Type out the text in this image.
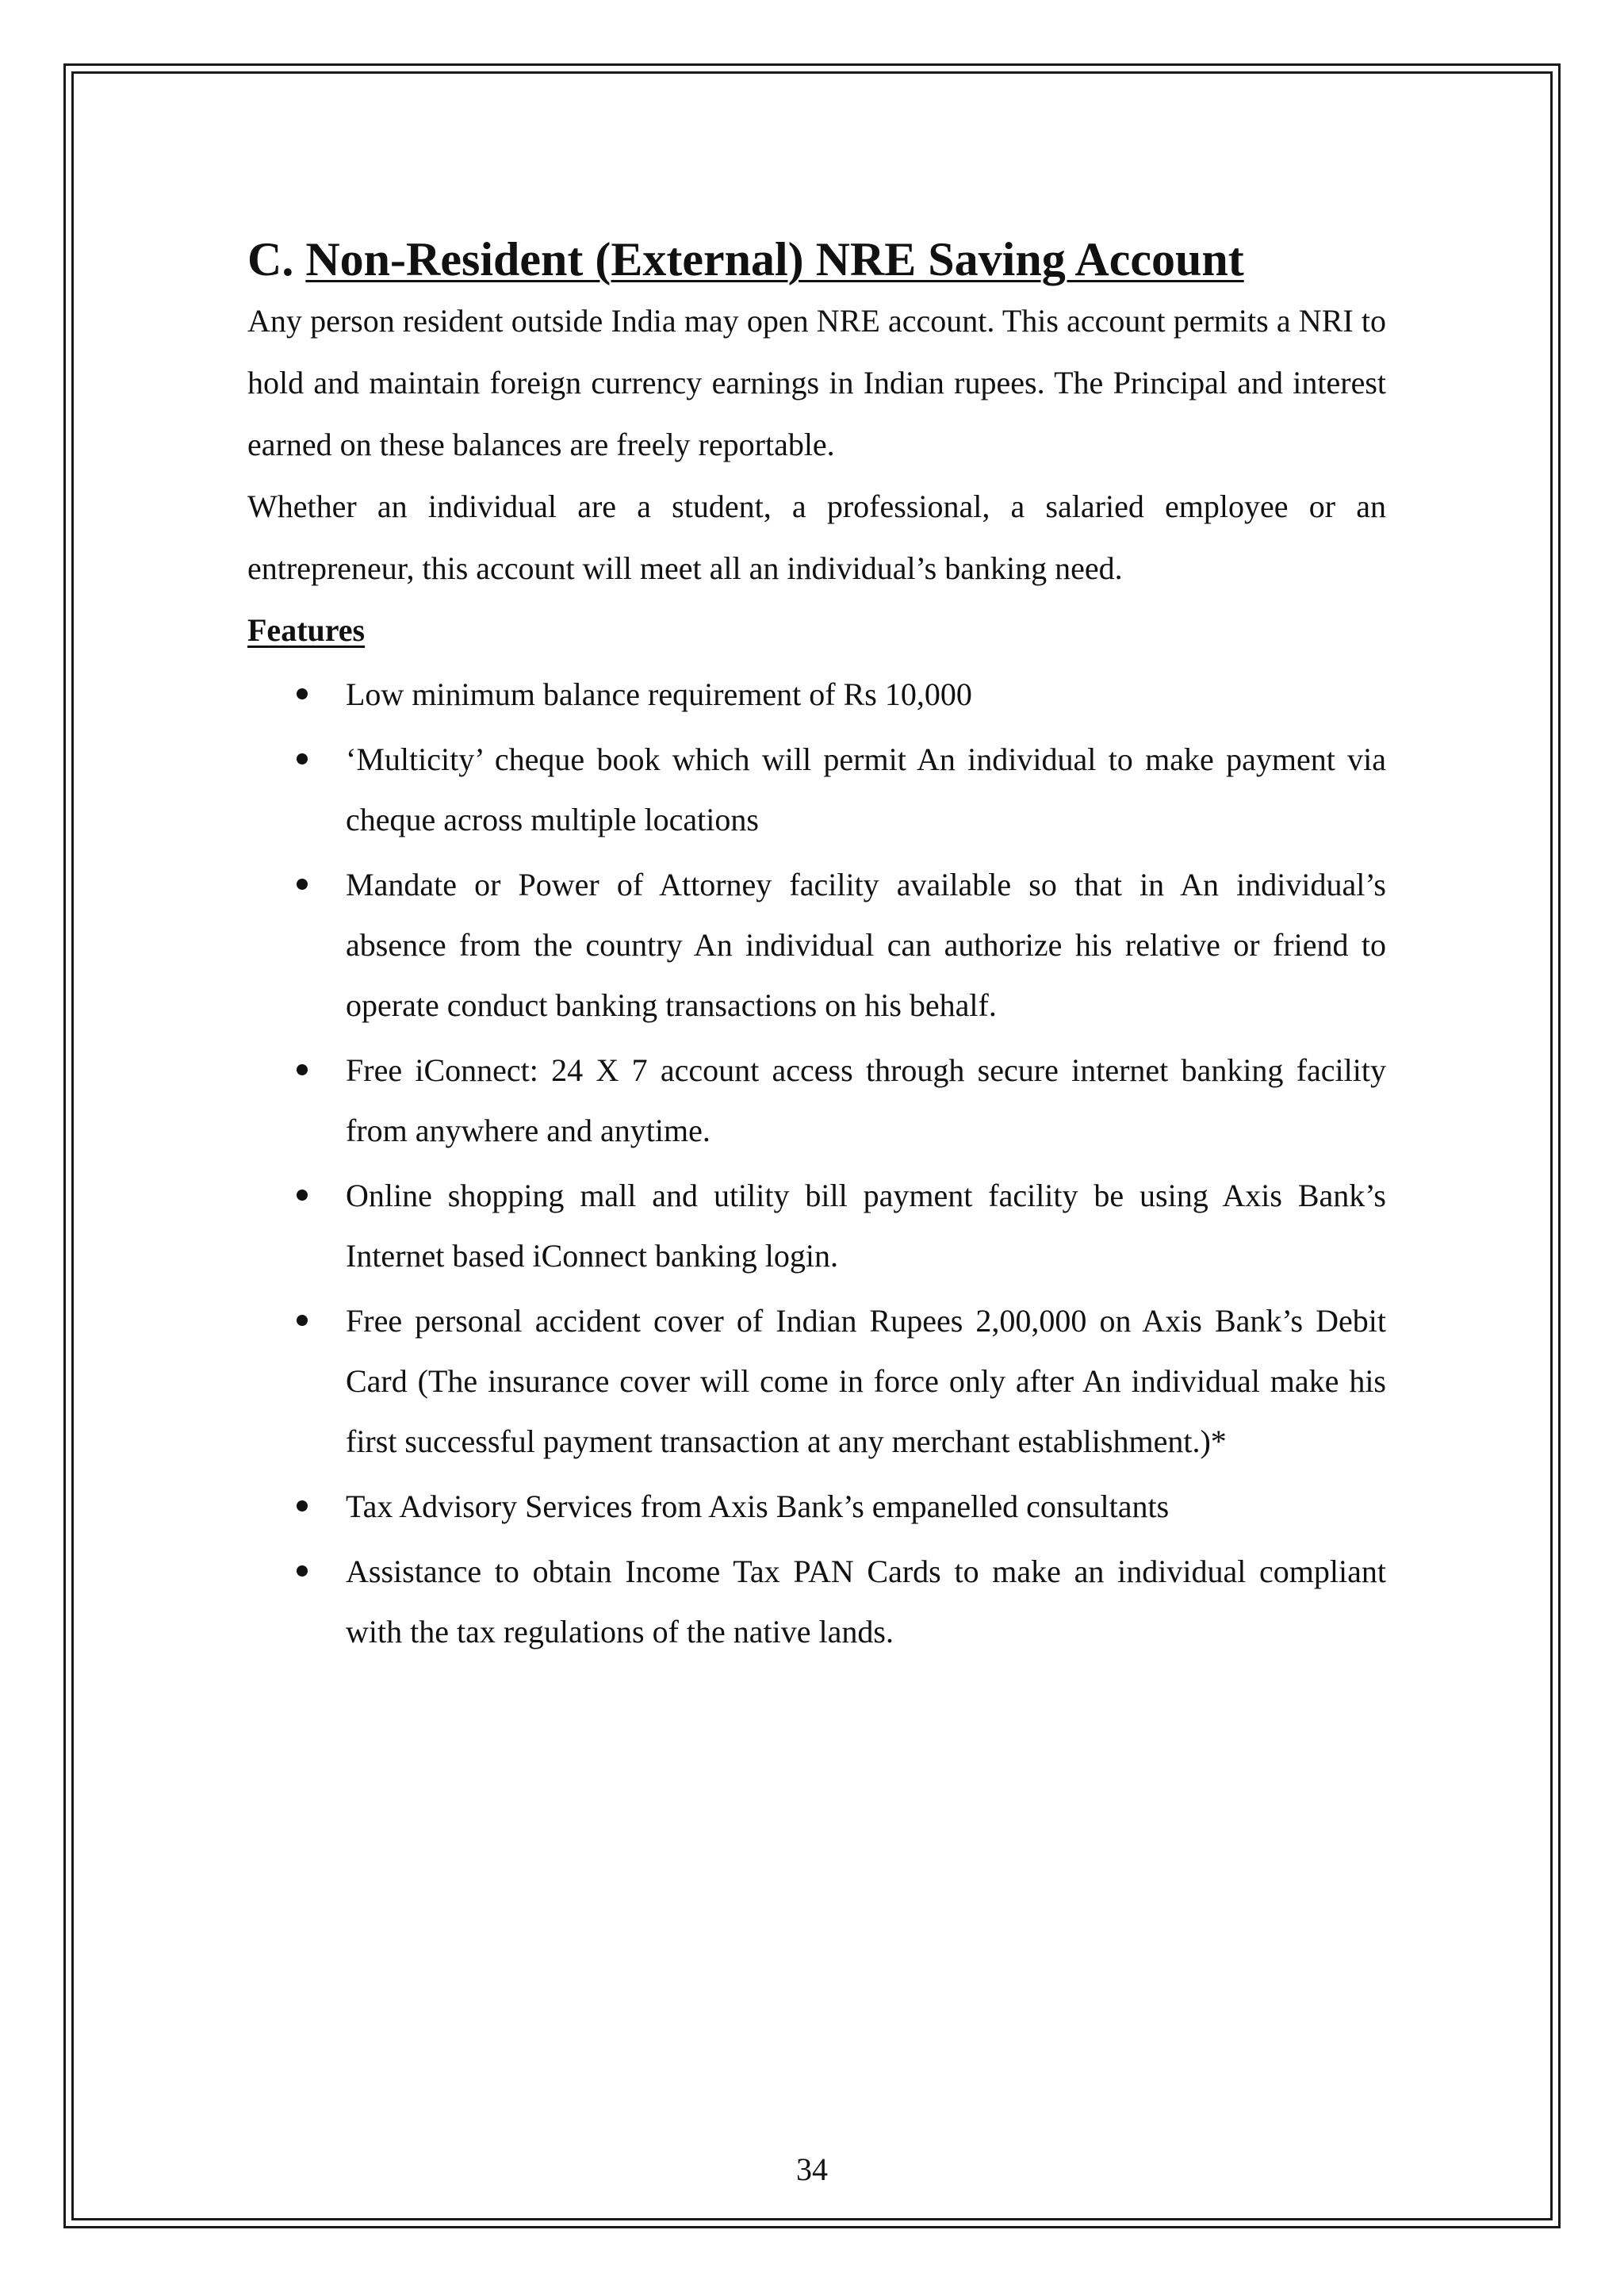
C. Non-Resident (External) NRE Saving Account

Any person resident outside India may open NRE account. This account permits a NRI to hold and maintain foreign currency earnings in Indian rupees. The Principal and interest earned on these balances are freely reportable.

Whether an individual are a student, a professional, a salaried employee or an entrepreneur, this account will meet all an individual’s banking need.

Features
Low minimum balance requirement of Rs 10,000
‘Multicity’ cheque book which will permit An individual to make payment via cheque across multiple locations
Mandate or Power of Attorney facility available so that in An individual’s absence from the country An individual can authorize his relative or friend to operate conduct banking transactions on his behalf.
Free iConnect: 24 X 7 account access through secure internet banking facility from anywhere and anytime.
Online shopping mall and utility bill payment facility be using Axis Bank’s Internet based iConnect banking login.
Free personal accident cover of Indian Rupees 2,00,000 on Axis Bank’s Debit Card (The insurance cover will come in force only after An individual make his first successful payment transaction at any merchant establishment.)*
Tax Advisory Services from Axis Bank’s empanelled consultants
Assistance to obtain Income Tax PAN Cards to make an individual compliant with the tax regulations of the native lands.
34
